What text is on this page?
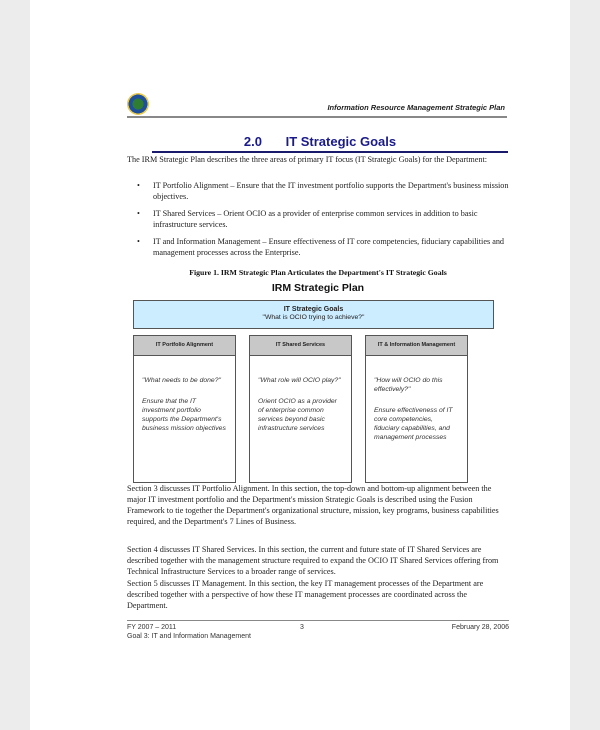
Information Resource Management Strategic Plan
2.0 IT Strategic Goals
The IRM Strategic Plan describes the three areas of primary IT focus (IT Strategic Goals) for the Department:
• IT Portfolio Alignment – Ensure that the IT investment portfolio supports the Department's business mission objectives.
• IT Shared Services – Orient OCIO as a provider of enterprise common services in addition to basic infrastructure services.
• IT and Information Management – Ensure effectiveness of IT core competencies, fiduciary capabilities and management processes across the Enterprise.
Figure 1. IRM Strategic Plan Articulates the Department's IT Strategic Goals
IRM Strategic Plan
IT Strategic Goals
"What is OCIO trying to achieve?"
IT Portfolio Alignment
"What needs to be done?"
Ensure that the IT investment portfolio supports the Department's business mission objectives
IT Shared Services
"What role will OCIO play?"
Orient OCIO as a provider of enterprise common services beyond basic infrastructure services
IT & Information Management
"How will OCIO do this effectively?"
Ensure effectiveness of IT core competencies, fiduciary capabilities, and management processes
Section 3 discusses IT Portfolio Alignment. In this section, the top-down and bottom-up alignment between the major IT investment portfolio and the Department's mission Strategic Goals is described using the Fusion Framework to tie together the Department's organizational structure, mission, key programs, business capabilities required, and the Department's 7 Lines of Business.
Section 4 discusses IT Shared Services. In this section, the current and future state of IT Shared Services are described together with the management structure required to expand the OCIO IT Shared Services offering from Technical Infrastructure Services to a broader range of services.
Section 5 discusses IT Management. In this section, the key IT management processes of the Department are described together with a perspective of how these IT management processes are coordinated across the Department.
FY 2007 – 2011
Goal 3: IT and Information Management
3	February 28, 2006
